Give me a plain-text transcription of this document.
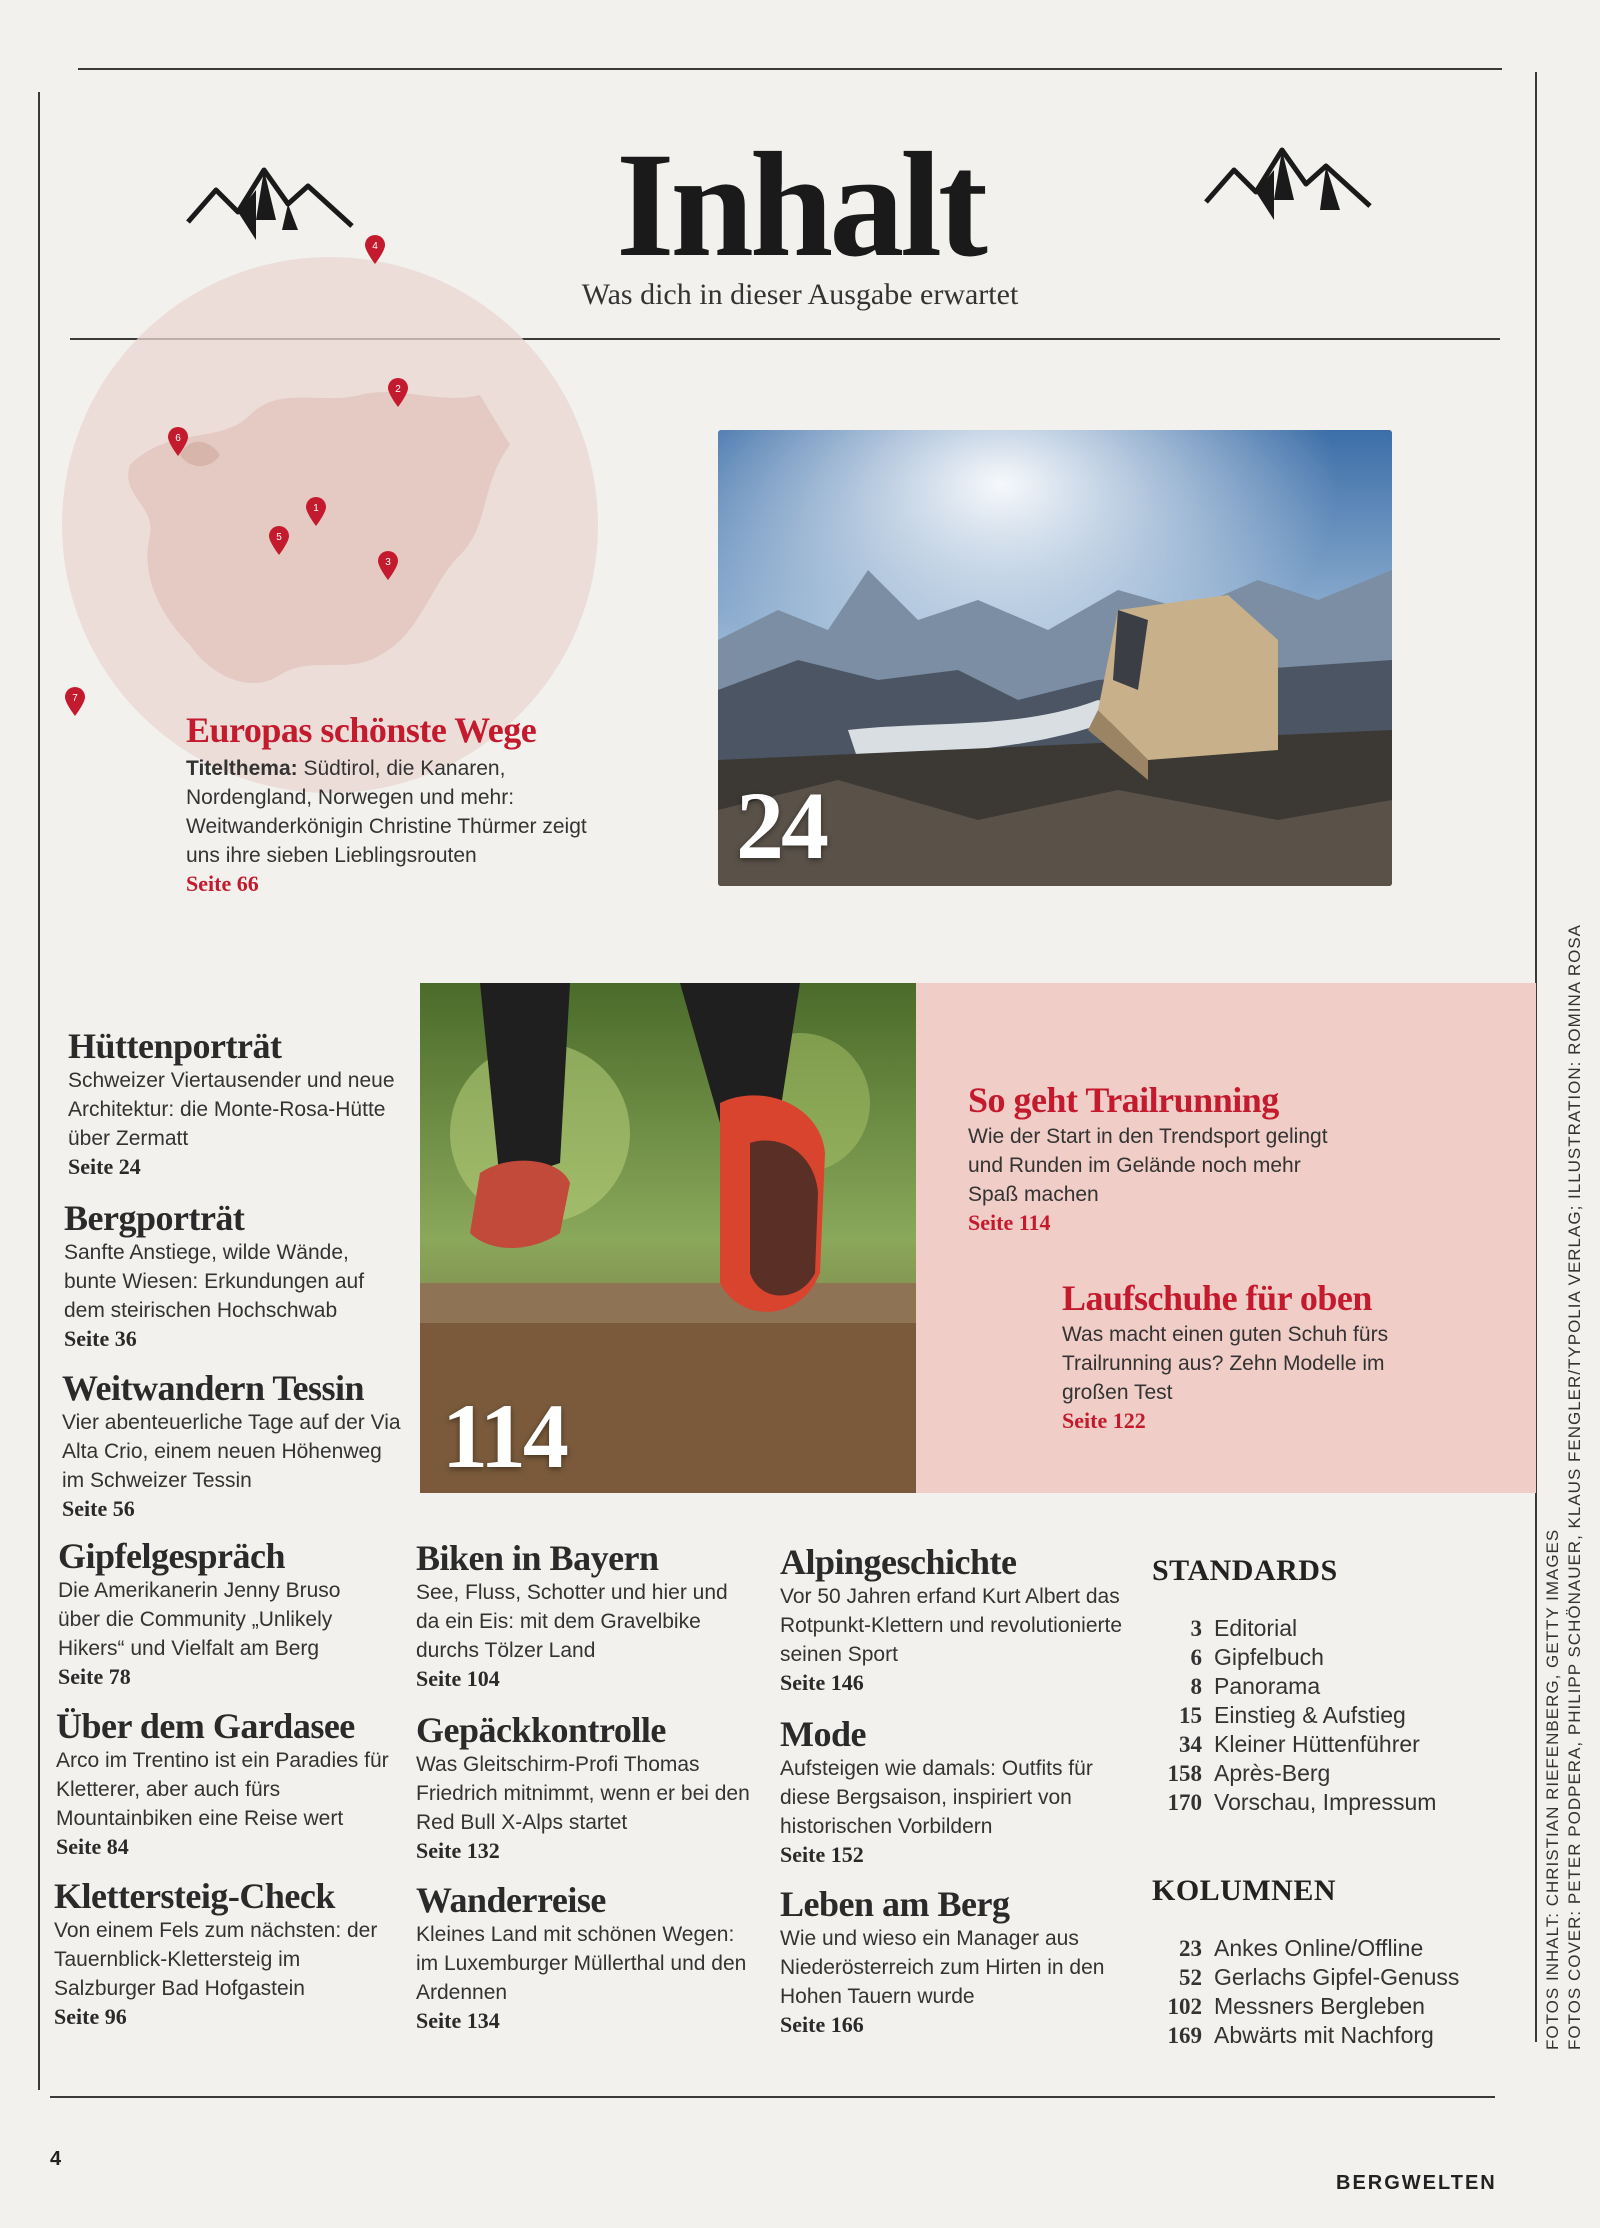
Inhalt
Was dich in dieser Ausgabe erwartet
1
2
3
4
5
6
7
Europas schönste Wege
Titelthema: Südtirol, die Kanaren, Nordengland, Norwegen und mehr: Weitwanderkönigin Christine Thürmer zeigt uns ihre sieben Lieblingsrouten
Seite 66
24
114
So geht Trailrunning
Wie der Start in den Trendsport gelingt und Runden im Gelände noch mehr Spaß machen
Seite 114
Laufschuhe für oben
Was macht einen guten Schuh fürs Trailrunning aus? Zehn Modelle im großen Test
Seite 122
Hüttenporträt
Schweizer Viertausender und neue Architektur: die Monte-Rosa-Hütte über Zermatt
Seite 24
Bergporträt
Sanfte Anstiege, wilde Wände, bunte Wiesen: Erkundungen auf dem steirischen Hochschwab
Seite 36
Weitwandern Tessin
Vier abenteuerliche Tage auf der Via Alta Crio, einem neuen Höhenweg im Schweizer Tessin
Seite 56
Gipfelgespräch
Die Amerikanerin Jenny Bruso über die Community „Unlikely Hikers“ und Vielfalt am Berg
Seite 78
Über dem Gardasee
Arco im Trentino ist ein Paradies für Kletterer, aber auch fürs Mountainbiken eine Reise wert
Seite 84
Klettersteig-Check
Von einem Fels zum nächsten: der Tauernblick-Klettersteig im Salzburger Bad Hofgastein
Seite 96
Biken in Bayern
See, Fluss, Schotter und hier und da ein Eis: mit dem Gravelbike durchs Tölzer Land
Seite 104
Gepäckkontrolle
Was Gleitschirm-Profi Thomas Friedrich mitnimmt, wenn er bei den Red Bull X-Alps startet
Seite 132
Wanderreise
Kleines Land mit schönen Wegen: im Luxemburger Müllerthal und den Ardennen
Seite 134
Alpingeschichte
Vor 50 Jahren erfand Kurt Albert das Rotpunkt-Klettern und revolutionierte seinen Sport
Seite 146
Mode
Aufsteigen wie damals: Outfits für diese Bergsaison, inspiriert von historischen Vorbildern
Seite 152
Leben am Berg
Wie und wieso ein Manager aus Niederösterreich zum Hirten in den Hohen Tauern wurde
Seite 166
STANDARDS
3 Editorial
6 Gipfelbuch
8 Panorama
15 Einstieg & Aufstieg
34 Kleiner Hüttenführer
158 Après-Berg
170 Vorschau, Impressum
KOLUMNEN
23 Ankes Online/Offline
52 Gerlachs Gipfel-Genuss
102 Messners Bergleben
169 Abwärts mit Nachforg	FOTOS INHALT: CHRISTIAN RIEFENBERG, GETTY IMAGES FOTOS COVER: PETER PODPERA, PHILIPP SCHÖNAUER, KLAUS FENGLER/TYPOLIA VERLAG; ILLUSTRATION: ROMINA ROSA
4
BERGWELTEN
